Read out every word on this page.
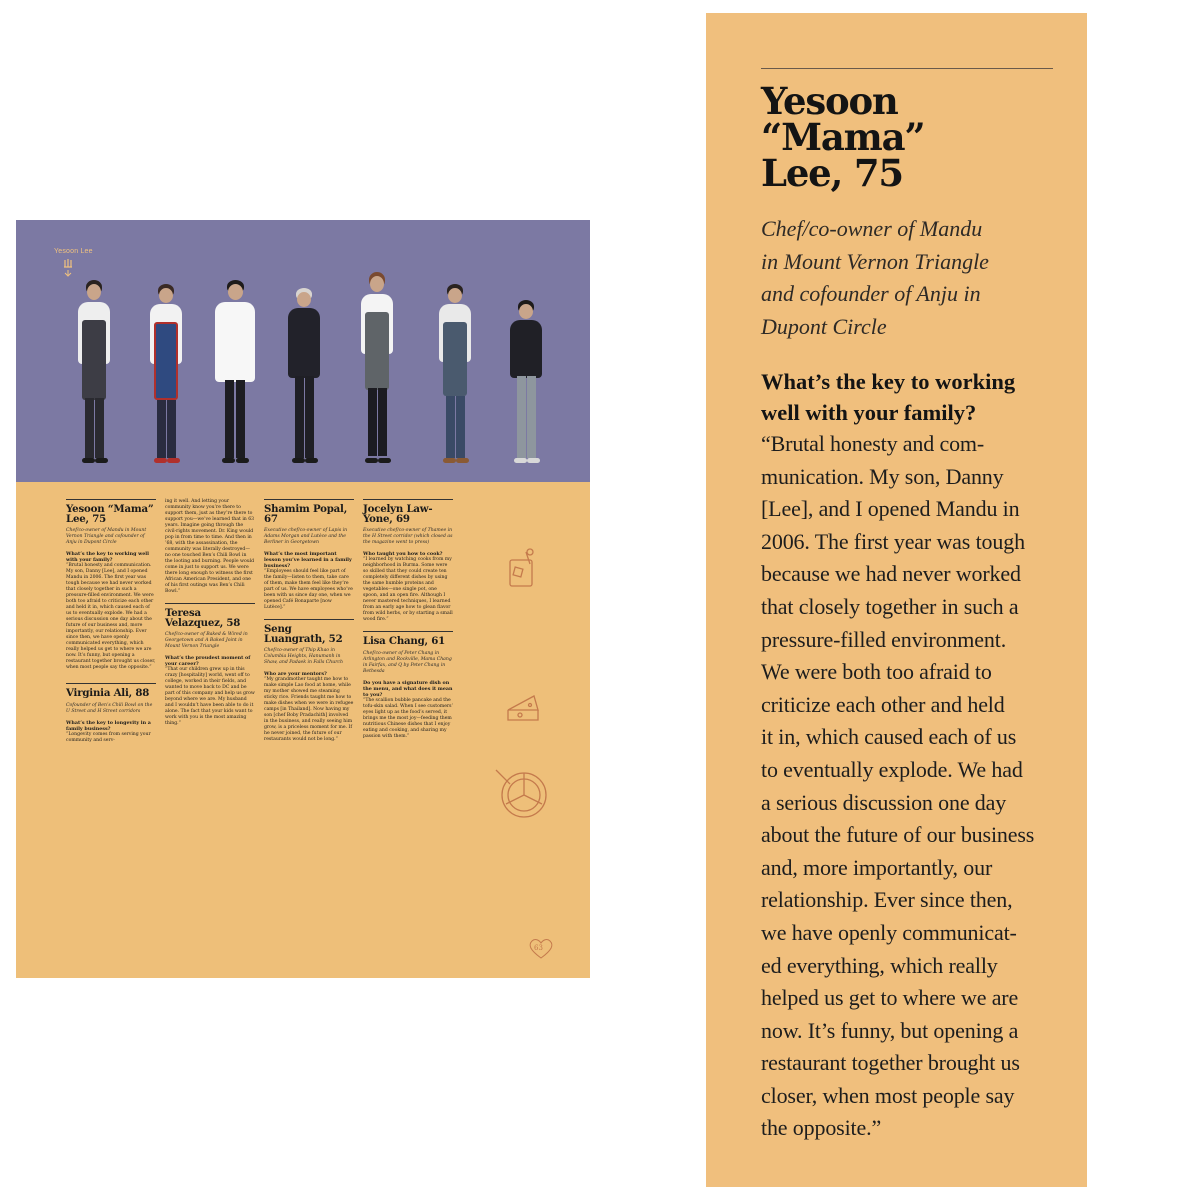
Yesoon Lee
Yesoon “Mama” Lee, 75
Chef/co-owner of Mandu in Mount Vernon Triangle and cofounder of Anju in Dupont Circle
What’s the key to working well with your family?
“Brutal honesty and communication. My son, Danny [Lee], and I opened Mandu in 2006. The first year was tough because we had never worked that closely together in such a pressure-filled environment. We were both too afraid to criticize each other and held it in, which caused each of us to eventually explode. We had a serious discussion one day about the future of our business and, more importantly, our relationship. Ever since then, we have openly communicated everything, which really helped us get to where we are now. It’s funny, but opening a restaurant together brought us closer, when most people say the opposite.”
Virginia Ali, 88
Cofounder of Ben’s Chili Bowl on the U Street and H Street corridors
What’s the key to longevity in a family business?
“Longevity comes from serving your community and serv-
ing it well. And letting your community know you’re there to support them, just as they’re there to support you—we’ve learned that in 63 years. Imagine going through the civil-rights movement. Dr. King would pop in from time to time. And then in ’68, with the assassination, the community was literally destroyed—no one touched Ben’s Chili Bowl in the looting and burning. People would come in just to support us. We were there long enough to witness the first African American President, and one of his first outings was Ben’s Chili Bowl.”
Teresa Velazquez, 58
Chef/co-owner of Baked & Wired in Georgetown and A Baked Joint in Mount Vernon Triangle
What’s the proudest moment of your career?
“That our children grew up in this crazy [hospitality] world, went off to college, worked in their fields, and wanted to move back to DC and be part of this company and help us grow beyond where we are. My husband and I wouldn’t have been able to do it alone. The fact that your kids want to work with you is the most amazing thing.”
Shamim Popal, 67
Executive chef/co-owner of Lapis in Adams Morgan and Lutèce and the Berliner in Georgetown
What’s the most important lesson you’ve learned in a family business?
“Employees should feel like part of the family—listen to them, take care of them, make them feel like they’re part of us. We have employees who’ve been with us since day one, when we opened Café Bonaparte [now Lutèce].”
Seng Luangrath, 52
Chef/co-owner of Thip Khao in Columbia Heights, Hanumanh in Shaw, and Padaek in Falls Church
Who are your mentors?
“My grandmother taught me how to make simple Lao food at home, while my mother showed me steaming sticky rice. Friends taught me how to make dishes when we were in refugee camps [in Thailand]. Now having my son [chef Boby Pradachith] involved in the business, and really seeing him grow, is a priceless moment for me. If he never joined, the future of our restaurants would not be long.”
Jocelyn Law-Yone, 69
Executive chef/co-owner of Thamee in the H Street corridor (which closed as the magazine went to press)
Who taught you how to cook?
“I learned by watching cooks from my neighborhood in Burma. Some were so skilled that they could create ten completely different dishes by using the same humble proteins and vegetables—one single pot, one spoon, and an open fire. Although I never mastered techniques, I learned from an early age how to glean flavor from wild herbs, or by starting a small wood fire.”
Lisa Chang, 61
Chef/co-owner of Peter Chang in Arlington and Rockville, Mama Chang in Fairfax, and Q by Peter Chang in Bethesda
Do you have a signature dish on the menu, and what does it mean to you?
“The scallion bubble pancake and the tofu-skin salad. When I see customers’ eyes light up as the food’s served, it brings me the most joy—feeding them nutritious Chinese dishes that I enjoy eating and cooking, and sharing my passion with them.”
63
Yesoon
“Mama”
Lee, 75
Chef/co-owner of Mandu
in Mount Vernon Triangle
and cofounder of Anju in
Dupont Circle
What’s the key to working
well with your family?
“Brutal honesty and com-
munication. My son, Danny
[Lee], and I opened Mandu in
2006. The first year was tough
because we had never worked
that closely together in such a
pressure-filled environment.
We were both too afraid to
criticize each other and held
it in, which caused each of us
to eventually explode. We had
a serious discussion one day
about the future of our business
and, more importantly, our
relationship. Ever since then,
we have openly communicat-
ed everything, which really
helped us get to where we are
now. It’s funny, but opening a
restaurant together brought us
closer, when most people say
the opposite.”
